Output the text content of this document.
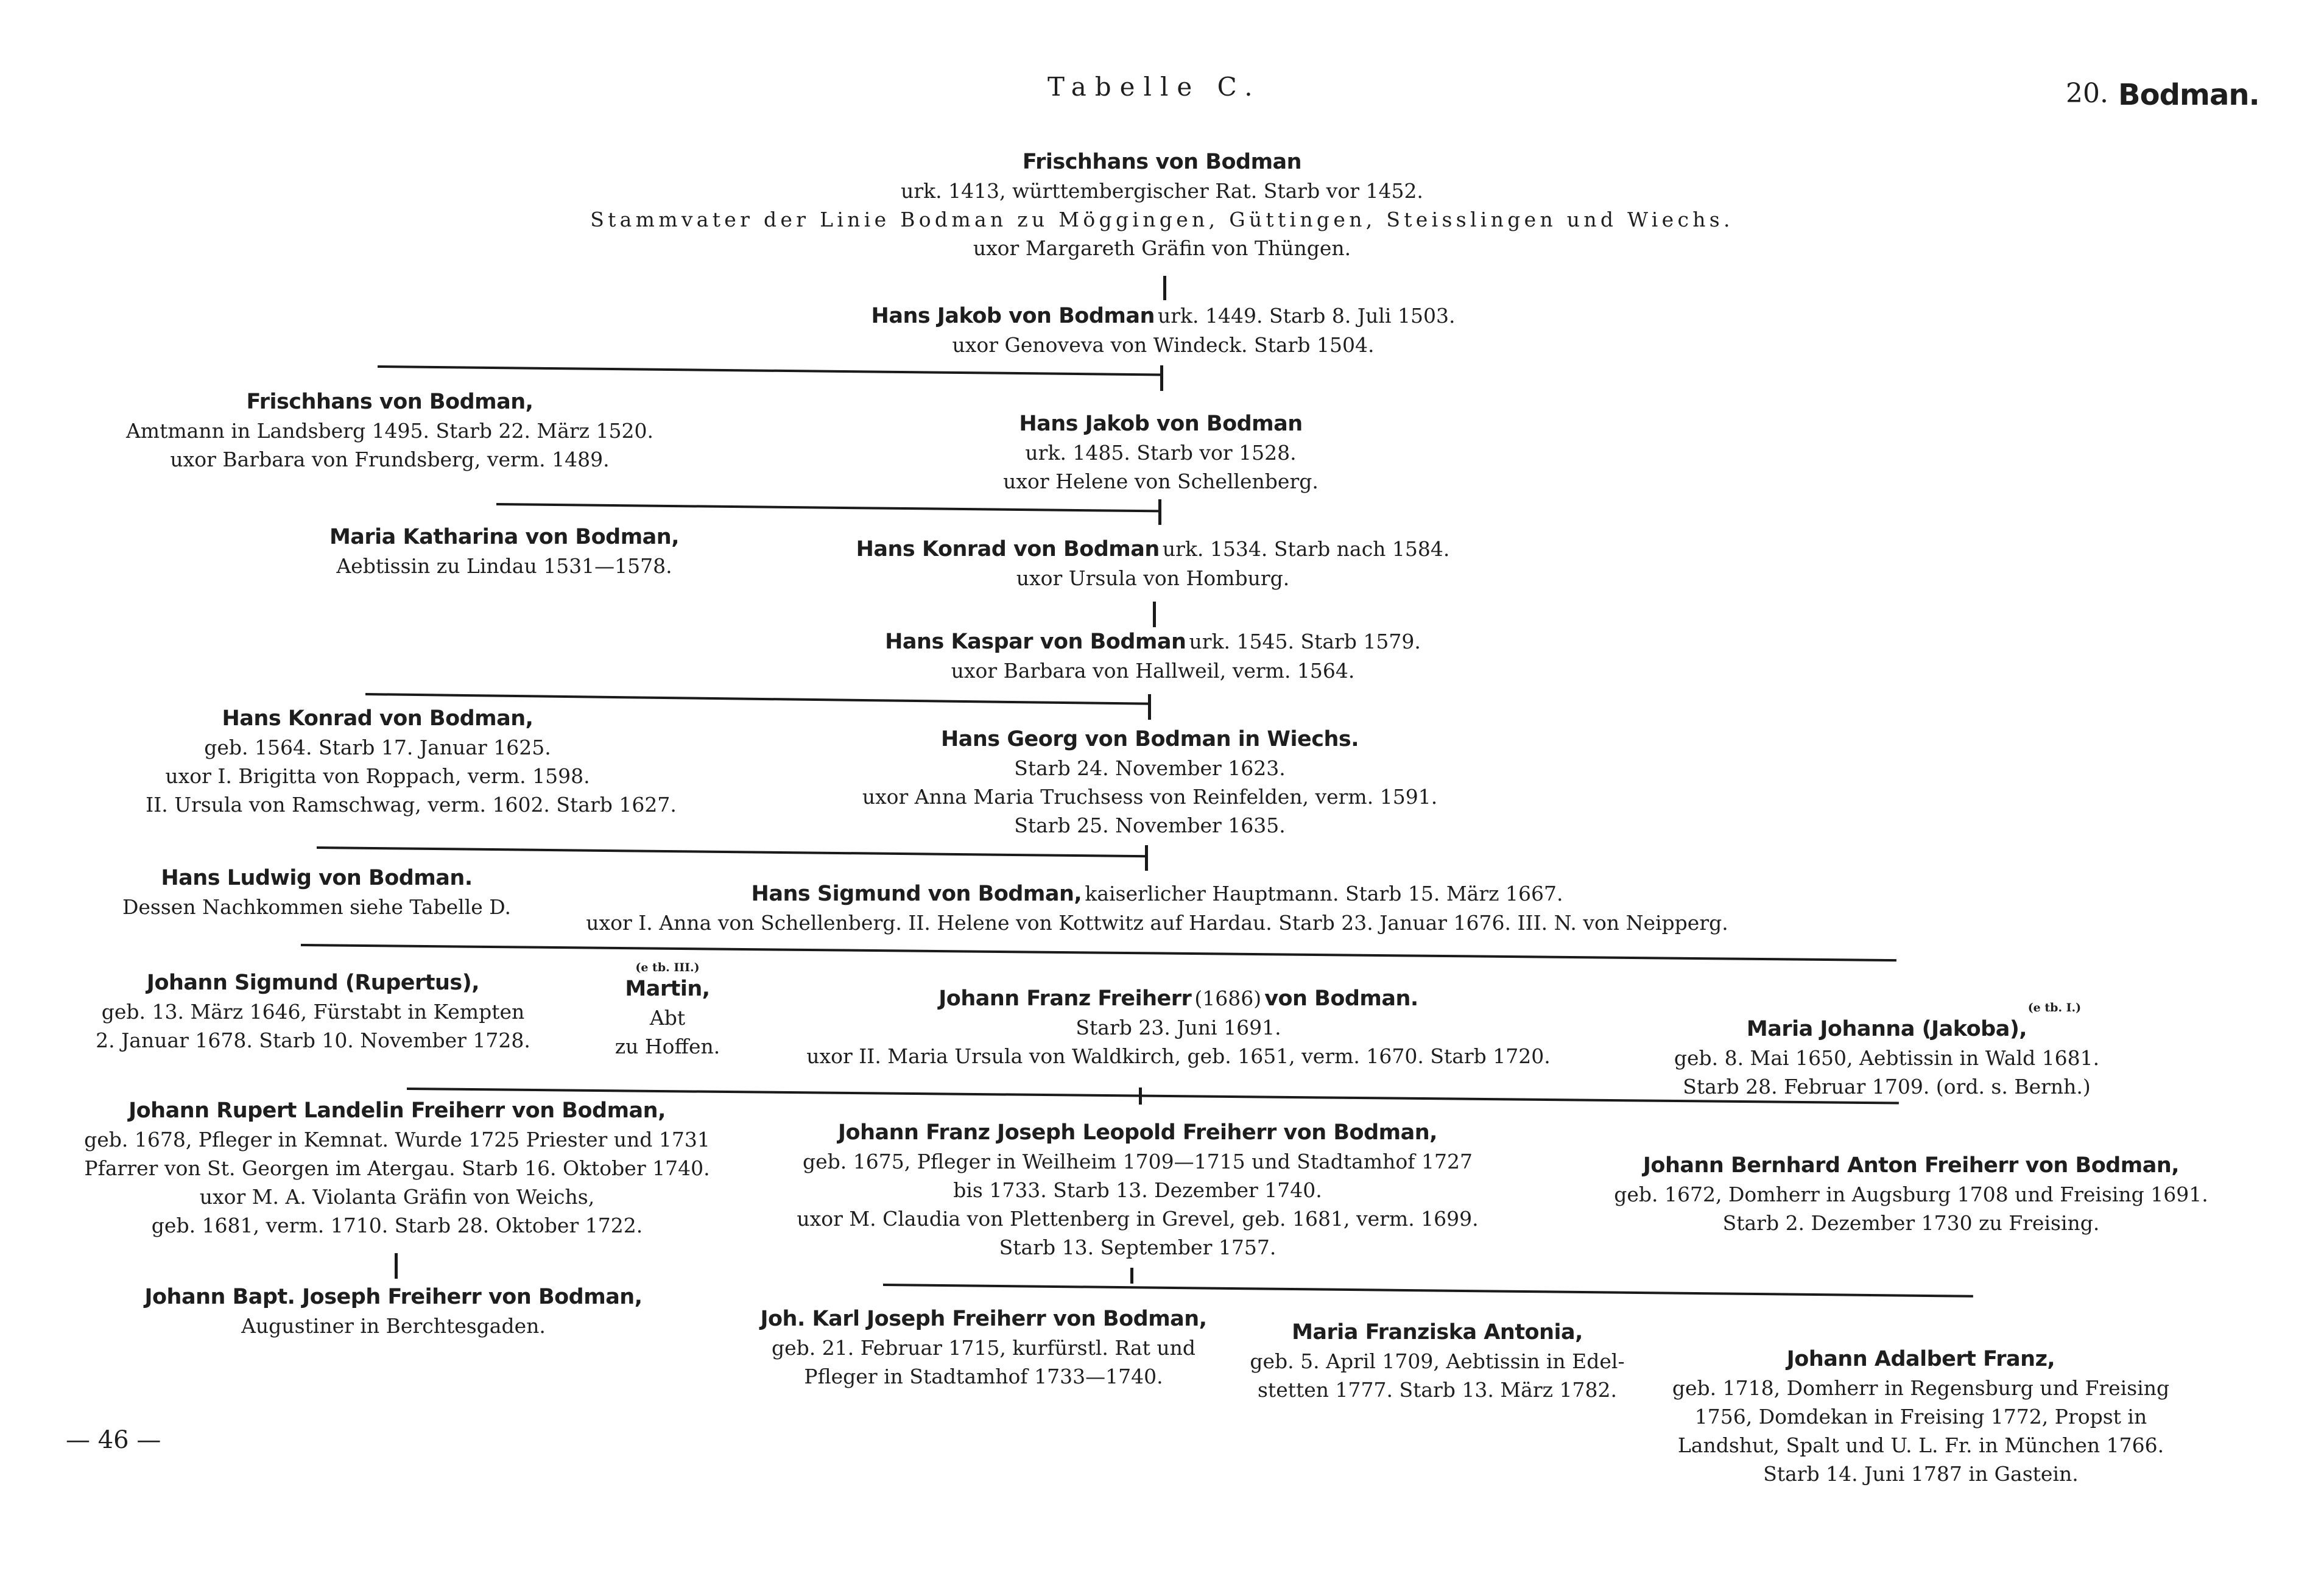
Tabelle C.	20. Bodman.
Frischhans von Bodman
urk. 1413, württembergischer Rat. Starb vor 1452.
Stammvater der Linie Bodman zu Möggingen, Güttingen, Steisslingen und Wiechs.
uxor Margareth Gräfin von Thüngen.
Hans Jakob von Bodman urk. 1449. Starb 8. Juli 1503.
uxor Genoveva von Windeck. Starb 1504.
Frischhans von Bodman,
Amtmann in Landsberg 1495. Starb 22. März 1520.
uxor Barbara von Frundsberg, verm. 1489.
Hans Jakob von Bodman
urk. 1485. Starb vor 1528.
uxor Helene von Schellenberg.
Maria Katharina von Bodman,
Aebtissin zu Lindau 1531—1578.
Hans Konrad von Bodman urk. 1534. Starb nach 1584.
uxor Ursula von Homburg.
Hans Kaspar von Bodman urk. 1545. Starb 1579.
uxor Barbara von Hallweil, verm. 1564.
Hans Konrad von Bodman,
geb. 1564. Starb 17. Januar 1625.
uxor I. Brigitta von Roppach, verm. 1598.
II. Ursula von Ramschwag, verm. 1602. Starb 1627.
Hans Georg von Bodman in Wiechs.
Starb 24. November 1623.
uxor Anna Maria Truchsess von Reinfelden, verm. 1591.
Starb 25. November 1635.
Hans Ludwig von Bodman.
Dessen Nachkommen siehe Tabelle D.
Hans Sigmund von Bodman, kaiserlicher Hauptmann. Starb 15. März 1667.
uxor I. Anna von Schellenberg. II. Helene von Kottwitz auf Hardau. Starb 23. Januar 1676. III. N. von Neipperg.
Johann Sigmund (Rupertus),
geb. 13. März 1646, Fürstabt in Kempten
2. Januar 1678. Starb 10. November 1728.
(e tb. III.)
Martin,
Abt
zu Hoffen.
Johann Franz Freiherr (1686) von Bodman.
Starb 23. Juni 1691.
uxor II. Maria Ursula von Waldkirch, geb. 1651, verm. 1670. Starb 1720.
(e tb. I.)
Maria Johanna (Jakoba),
geb. 8. Mai 1650, Aebtissin in Wald 1681.
Starb 28. Februar 1709. (ord. s. Bernh.)
Johann Rupert Landelin Freiherr von Bodman,
geb. 1678, Pfleger in Kemnat. Wurde 1725 Priester und 1731
Pfarrer von St. Georgen im Atergau. Starb 16. Oktober 1740.
uxor M. A. Violanta Gräfin von Weichs,
geb. 1681, verm. 1710. Starb 28. Oktober 1722.
Johann Franz Joseph Leopold Freiherr von Bodman,
geb. 1675, Pfleger in Weilheim 1709—1715 und Stadtamhof 1727
bis 1733. Starb 13. Dezember 1740.
uxor M. Claudia von Plettenberg in Grevel, geb. 1681, verm. 1699.
Starb 13. September 1757.
Johann Bernhard Anton Freiherr von Bodman,
geb. 1672, Domherr in Augsburg 1708 und Freising 1691.
Starb 2. Dezember 1730 zu Freising.
Johann Bapt. Joseph Freiherr von Bodman,
Augustiner in Berchtesgaden.	Joh. Karl Joseph Freiherr von Bodman,
geb. 21. Februar 1715, kurfürstl. Rat und
Pfleger in Stadtamhof 1733—1740.
Maria Franziska Antonia,
geb. 5. April 1709, Aebtissin in Edel-
stetten 1777. Starb 13. März 1782.
Johann Adalbert Franz,
geb. 1718, Domherr in Regensburg und Freising
1756, Domdekan in Freising 1772, Propst in
Landshut, Spalt und U. L. Fr. in München 1766.
Starb 14. Juni 1787 in Gastein.
— 46 —
